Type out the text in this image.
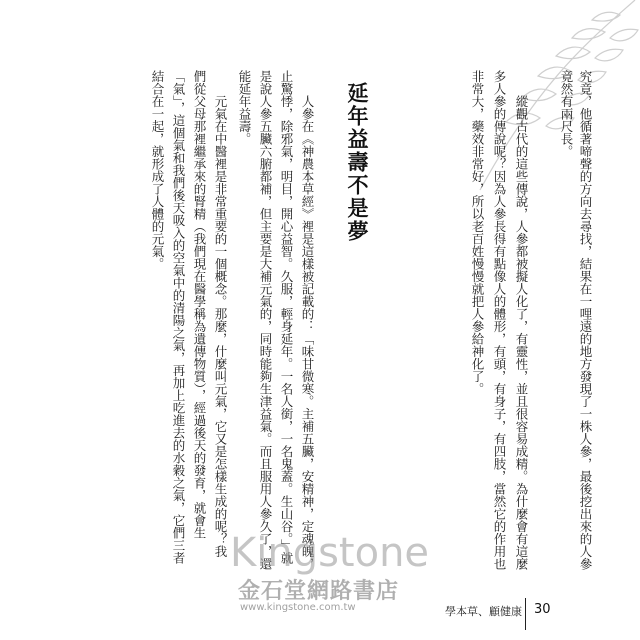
究竟，他循著啼聲的方向去尋找，結果在一哩遠的地方發現了一株人參，最後挖出來的人參
竟然有兩尺長。
　　縱觀古代的這些傳說，人參都被擬人化了，有靈性，並且很容易成精。為什麼會有這麼
多人參的傳說呢？因為人參長得有點像人的體形，有頭，有身子，有四肢，當然它的作用也
非常大，藥效非常好，所以老百姓慢慢就把人參給神化了。
延年益壽不是夢
　　人參在《神農本草經》裡是這樣被記載的：「味甘微寒。主補五臟，安精神，定魂魄，
止驚悸，除邪氣，明目，開心益智。久服，輕身延年。一名人銜，一名鬼蓋。生山谷。」就
是說人參五臟六腑都補，但主要是大補元氣的，同時能夠生津益氣。而且服用人參久了，還
能延年益壽。
　　元氣在中醫裡是非常重要的一個概念。那麼，什麼叫元氣，它又是怎樣生成的呢？我
們從父母那裡繼承來的腎精（我們現在醫學稱為遺傳物質），經過後天的發育，就會生
「氣」，這個氣和我們後天吸入的空氣中的清陽之氣，再加上吃進去的水穀之氣，它們三者
結合在一起，就形成了人體的元氣。
Kingstone
金石堂網路書店
www.kingstone.com.tw	學本草、顧健康 30
